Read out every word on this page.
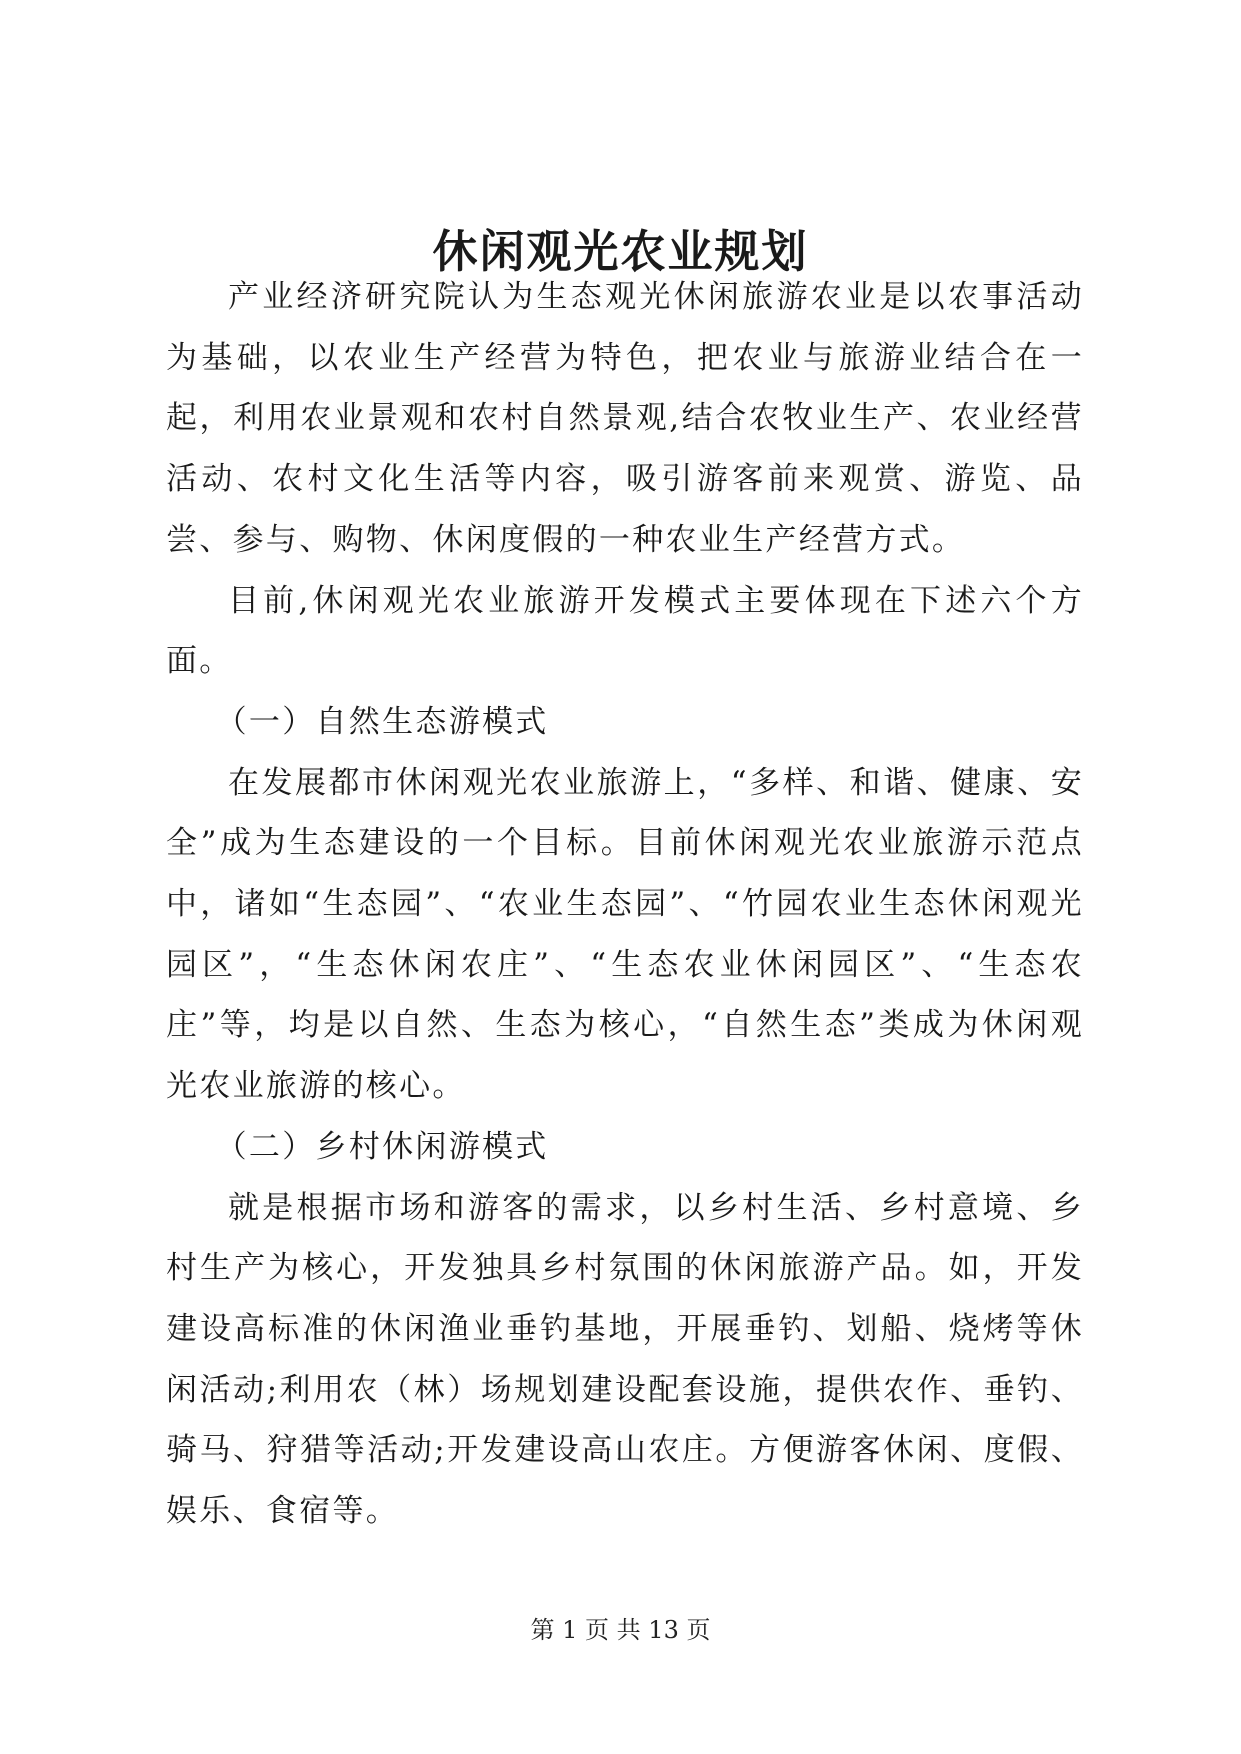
休闲观光农业规划

产业经济研究院认为生态观光休闲旅游农业是以农事活动为基础，以农业生产经营为特色，把农业与旅游业结合在一起，利用农业景观和农村自然景观,结合农牧业生产、农业经营活动、农村文化生活等内容，吸引游客前来观赏、游览、品尝、参与、购物、休闲度假的一种农业生产经营方式。

目前,休闲观光农业旅游开发模式主要体现在下述六个方面。

（一）自然生态游模式

在发展都市休闲观光农业旅游上，“多样、和谐、健康、安全”成为生态建设的一个目标。目前休闲观光农业旅游示范点中，诸如“生态园”、“农业生态园”、“竹园农业生态休闲观光园区”，“生态休闲农庄”、“生态农业休闲园区”、“生态农庄”等，均是以自然、生态为核心，“自然生态”类成为休闲观光农业旅游的核心。

（二）乡村休闲游模式

就是根据市场和游客的需求，以乡村生活、乡村意境、乡村生产为核心，开发独具乡村氛围的休闲旅游产品。如，开发建设高标准的休闲渔业垂钓基地，开展垂钓、划船、烧烤等休闲活动;利用农（林）场规划建设配套设施，提供农作、垂钓、骑马、狩猎等活动;开发建设高山农庄。方便游客休闲、度假、娱乐、食宿等。

第 1 页 共 13 页
